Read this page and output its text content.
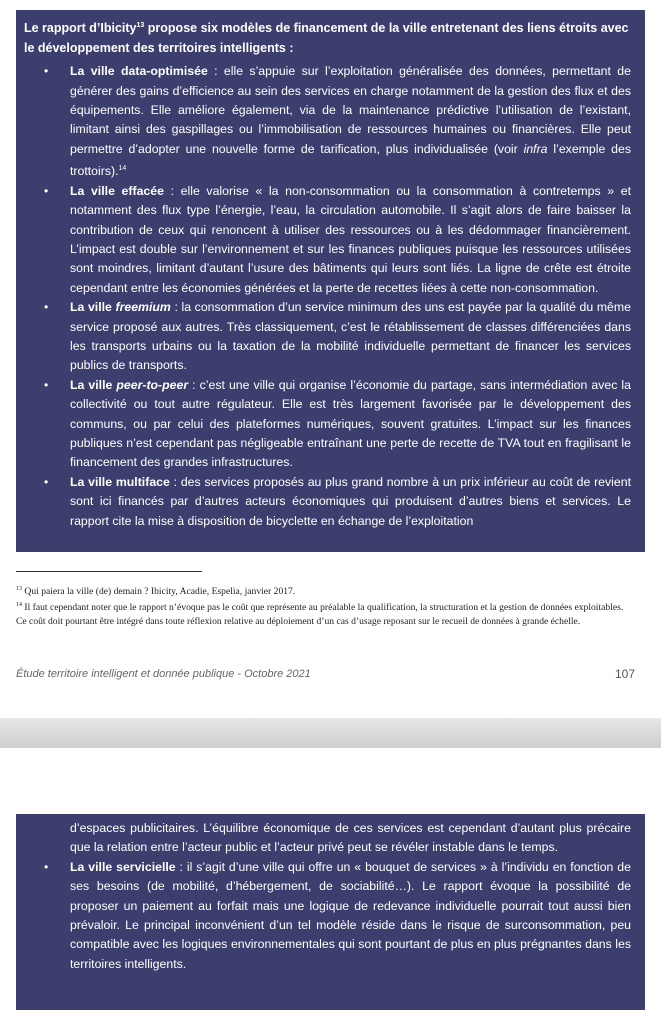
Le rapport d’Ibicity$^{13}$ propose six modèles de financement de la ville entretenant des liens étroits avec le développement des territoires intelligents :

• La ville data-optimisée : elle s’appuie sur l’exploitation généralisée des données, permettant de générer des gains d’efficience au sein des services en charge notamment de la gestion des flux et des équipements. Elle améliore également, via de la maintenance prédictive l’utilisation de l’existant, limitant ainsi des gaspillages ou l’immobilisation de ressources humaines ou financières. Elle peut permettre d’adopter une nouvelle forme de tarification, plus individualisée (voir infra l’exemple des trottoirs).$^{14}$
• La ville effacée : elle valorise « la non-consommation ou la consommation à contretemps » et notamment des flux type l’énergie, l’eau, la circulation automobile. Il s’agit alors de faire baisser la contribution de ceux qui renoncent à utiliser des ressources ou à les dédommager financièrement. L’impact est double sur l’environnement et sur les finances publiques puisque les ressources utilisées sont moindres, limitant d’autant l’usure des bâtiments qui leurs sont liés. La ligne de crête est étroite cependant entre les économies générées et la perte de recettes liées à cette non-consommation.
• La ville freemium : la consommation d’un service minimum des uns est payée par la qualité du même service proposé aux autres. Très classiquement, c’est le rétablissement de classes différenciées dans les transports urbains ou la taxation de la mobilité individuelle permettant de financer les services publics de transports.
• La ville peer-to-peer : c’est une ville qui organise l’économie du partage, sans intermédiation avec la collectivité ou tout autre régulateur. Elle est très largement favorisée par le développement des communs, ou par celui des plateformes numériques, souvent gratuites. L’impact sur les finances publiques n’est cependant pas négligeable entraînant une perte de recette de TVA tout en fragilisant le financement des grandes infrastructures.
• La ville multiface : des services proposés au plus grand nombre à un prix inférieur au coût de revient sont ici financés par d’autres acteurs économiques qui produisent d’autres biens et services. Le rapport cite la mise à disposition de bicyclette en échange de l’exploitation
$^{13}$ Qui paiera la ville (de) demain ? Ibicity, Acadie, Espelia, janvier 2017.
$^{14}$ Il faut cependant noter que le rapport n’évoque pas le coût que représente au préalable la qualification, la structuration et la gestion de données exploitables. Ce coût doit pourtant être intégré dans toute réflexion relative au déploiement d’un cas d’usage reposant sur le recueil de données à grande échelle.
Étude territoire intelligent et donnée publique - Octobre 2021	107
d’espaces publicitaires. L’équilibre économique de ces services est cependant d’autant plus précaire que la relation entre l’acteur public et l’acteur privé peut se révéler instable dans le temps.
• La ville servicielle : il s’agit d’une ville qui offre un « bouquet de services » à l’individu en fonction de ses besoins (de mobilité, d’hébergement, de sociabilité…). Le rapport évoque la possibilité de proposer un paiement au forfait mais une logique de redevance individuelle pourrait tout aussi bien prévaloir. Le principal inconvénient d’un tel modèle réside dans le risque de surconsommation, peu compatible avec les logiques environnementales qui sont pourtant de plus en plus prégnantes dans les territoires intelligents.
